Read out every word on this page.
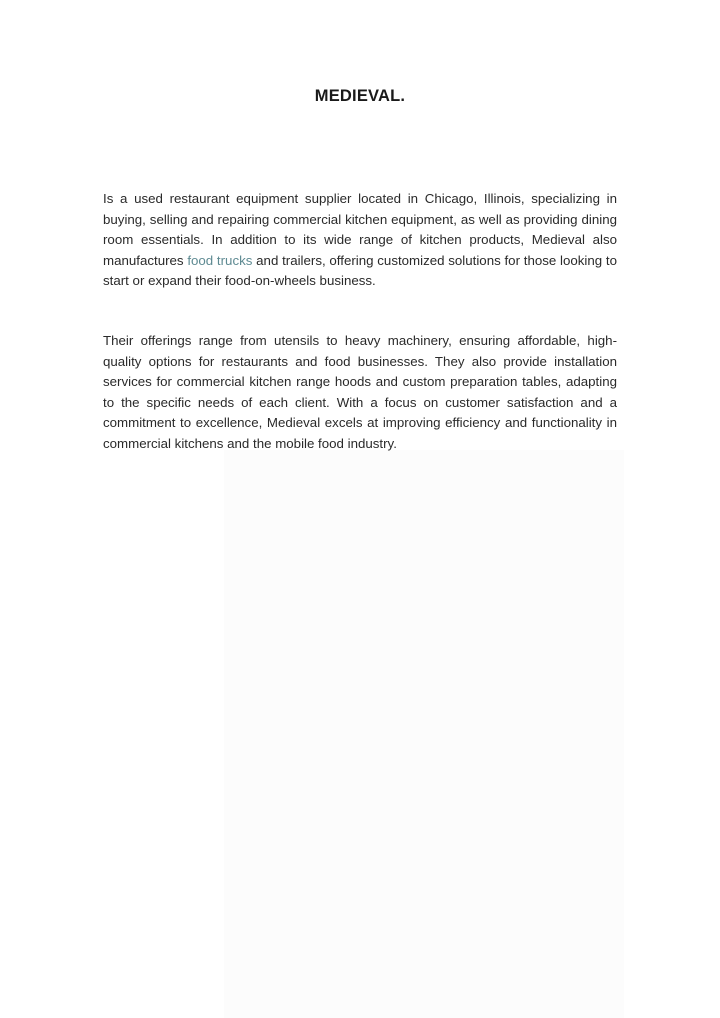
MEDIEVAL.

Is a used restaurant equipment supplier located in Chicago, Illinois, specializing in buying, selling and repairing commercial kitchen equipment, as well as providing dining room essentials. In addition to its wide range of kitchen products, Medieval also manufactures food trucks and trailers, offering customized solutions for those looking to start or expand their food-on-wheels business.

Their offerings range from utensils to heavy machinery, ensuring affordable, high-quality options for restaurants and food businesses. They also provide installation services for commercial kitchen range hoods and custom preparation tables, adapting to the specific needs of each client. With a focus on customer satisfaction and a commitment to excellence, Medieval excels at improving efficiency and functionality in commercial kitchens and the mobile food industry.
